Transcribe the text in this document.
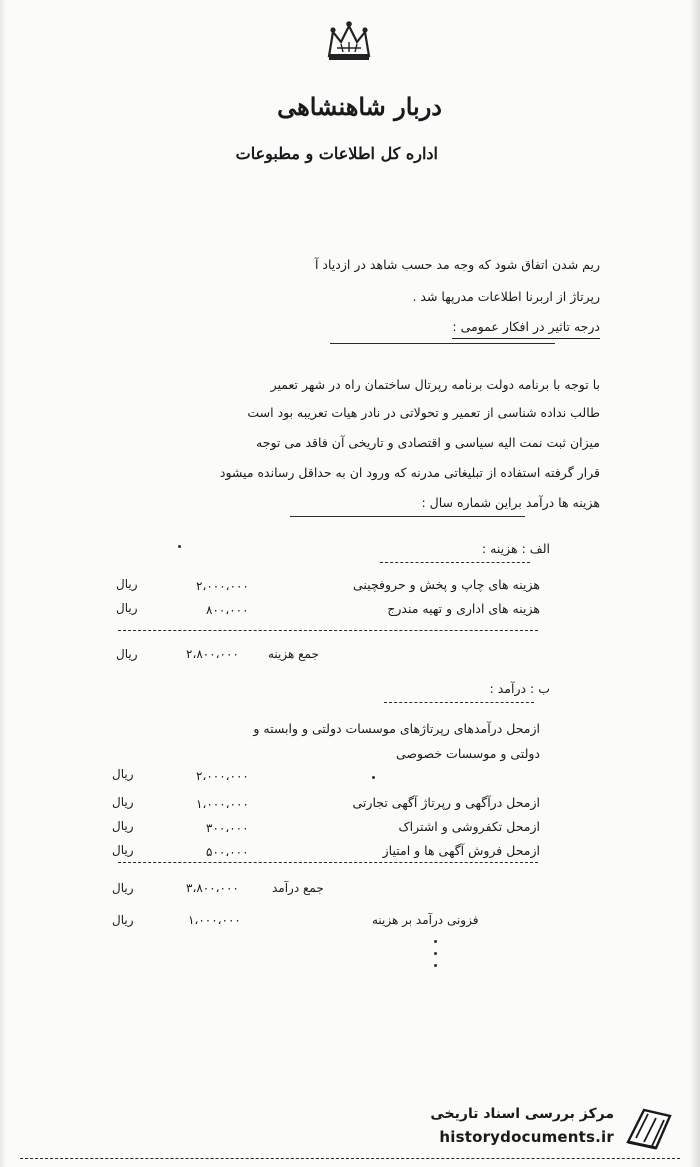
دربار شاهنشاهی
اداره کل اطلاعات و مطبوعات
ریم شدن اتفاق شود که وجه مد حسب شاهد در ازدیاد آ
رپرتاژ از اربرنا اطلاعات مدرپها شد .
درجه تاثیر در افکار عمومی :
با توجه با برنامه دولت برنامه رپرتال ساختمان راه در شهر تعمیر
طالب نداده شناسی از تعمیر و تحولاتی در نادر هیات تعریبه بود است
میزان ثبت نمت الیه سیاسی و اقتصادی و تاریخی آن فاقد می توجه
قرار گرفته استفاده از تبلیغاتی مدرنه که ورود ان به حداقل رسانده میشود
هزینه ها درآمد براین شماره سال :
الف : هزینه :
هزینه های چاپ و پخش و حروفچینی
۲،۰۰۰،۰۰۰
ریال
هزینه های اداری و تهیه مندرج
۸۰۰،۰۰۰
ریال
جمع هزینه
۲،۸۰۰،۰۰۰
ریال
ب : درآمد :
ازمحل درآمدهای رپرتاژهای موسسات دولتی و وابسته و دولتی و موسسات خصوصی
۲،۰۰۰،۰۰۰
ریال
ازمحل درآگهی و رپرتاژ آگهی تجارتی
۱،۰۰۰،۰۰۰
ریال
ازمحل تکفروشی و اشتراک
۳۰۰،۰۰۰
ریال
ازمحل فروش آگهی ها و امتیاز
۵۰۰،۰۰۰
ریال
جمع درآمد
۳،۸۰۰،۰۰۰
ریال
فزونی درآمد بر هزینه
۱،۰۰۰،۰۰۰
ریال
مرکز بررسی اسناد تاریخی
historydocuments.ir
